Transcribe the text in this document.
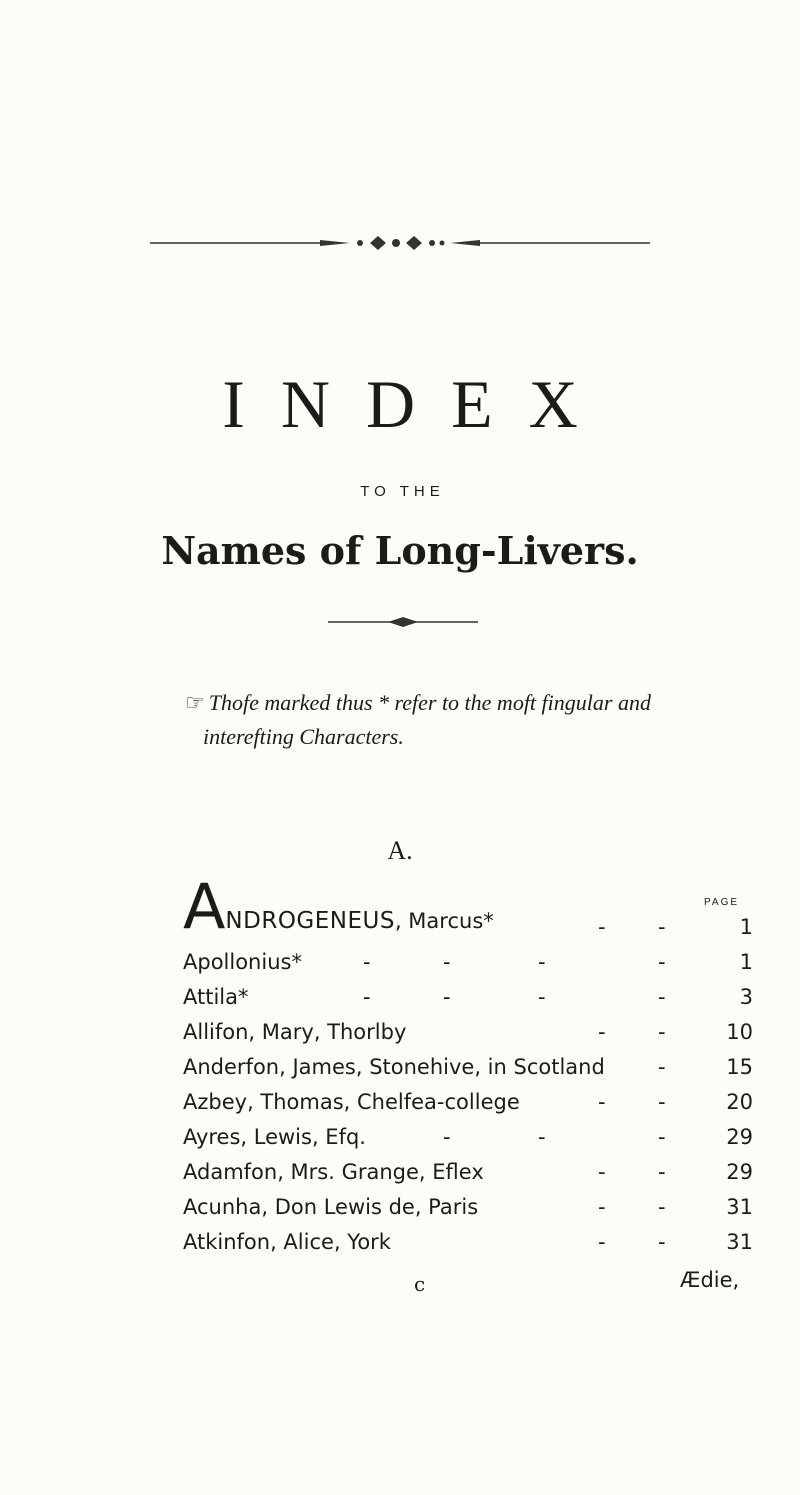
INDEX
TO THE
Names of Long-Livers.

☞ Thofe marked thus * refer to the moft fingular and
interefting Characters.

A.
PAGE
ANDROGENEUS, Marcus*	- -	1
Apollonius*	-	-	-	-	1
Attila*	-	-	-	-	3
Allifon, Mary, Thorlby	- -	10
Anderfon, James, Stonehive, in Scotland	-	15
Azbey, Thomas, Chelfea-college	- -	20
Ayres, Lewis, Efq.	-	-	-	29
Adamfon, Mrs. Grange, Eflex	- -	29
Acunha, Don Lewis de, Paris	- -	31
Atkinfon, Alice, York	- -	31
c	Ædie,
